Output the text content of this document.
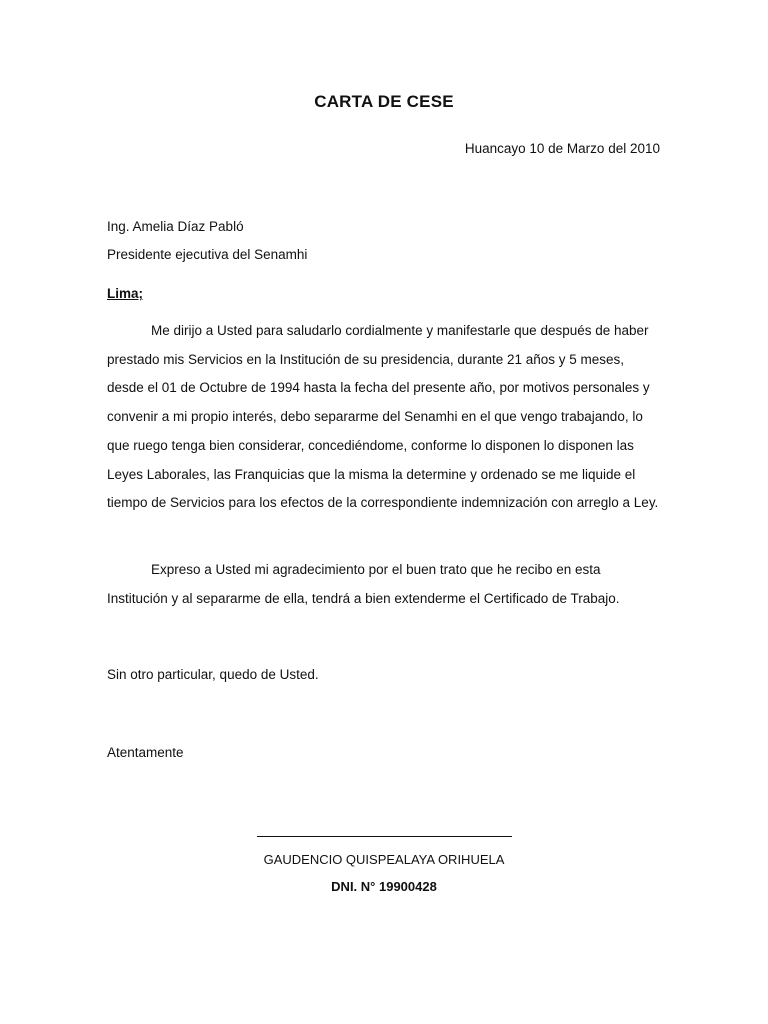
CARTA DE CESE
Huancayo 10 de Marzo del 2010
Ing. Amelia Díaz Pabló
Presidente ejecutiva del Senamhi
Lima;
Me dirijo a Usted para saludarlo cordialmente y manifestarle que después de haber prestado mis Servicios en la Institución de su presidencia, durante 21 años y 5 meses, desde el 01 de Octubre de 1994 hasta la fecha del presente año, por motivos personales y convenir a mi propio interés, debo separarme del Senamhi en el que vengo trabajando, lo que ruego tenga bien considerar, concediéndome, conforme lo disponen lo disponen las Leyes Laborales, las Franquicias que la misma la determine y ordenado se me liquide el tiempo de Servicios para los efectos de la correspondiente indemnización con arreglo a Ley.
Expreso a Usted mi agradecimiento por el buen trato que he recibo en esta Institución y al separarme de ella, tendrá a bien extenderme el Certificado de Trabajo.
Sin otro particular, quedo de Usted.
Atentamente
GAUDENCIO QUISPEALAYA ORIHUELA
DNI. N° 19900428
